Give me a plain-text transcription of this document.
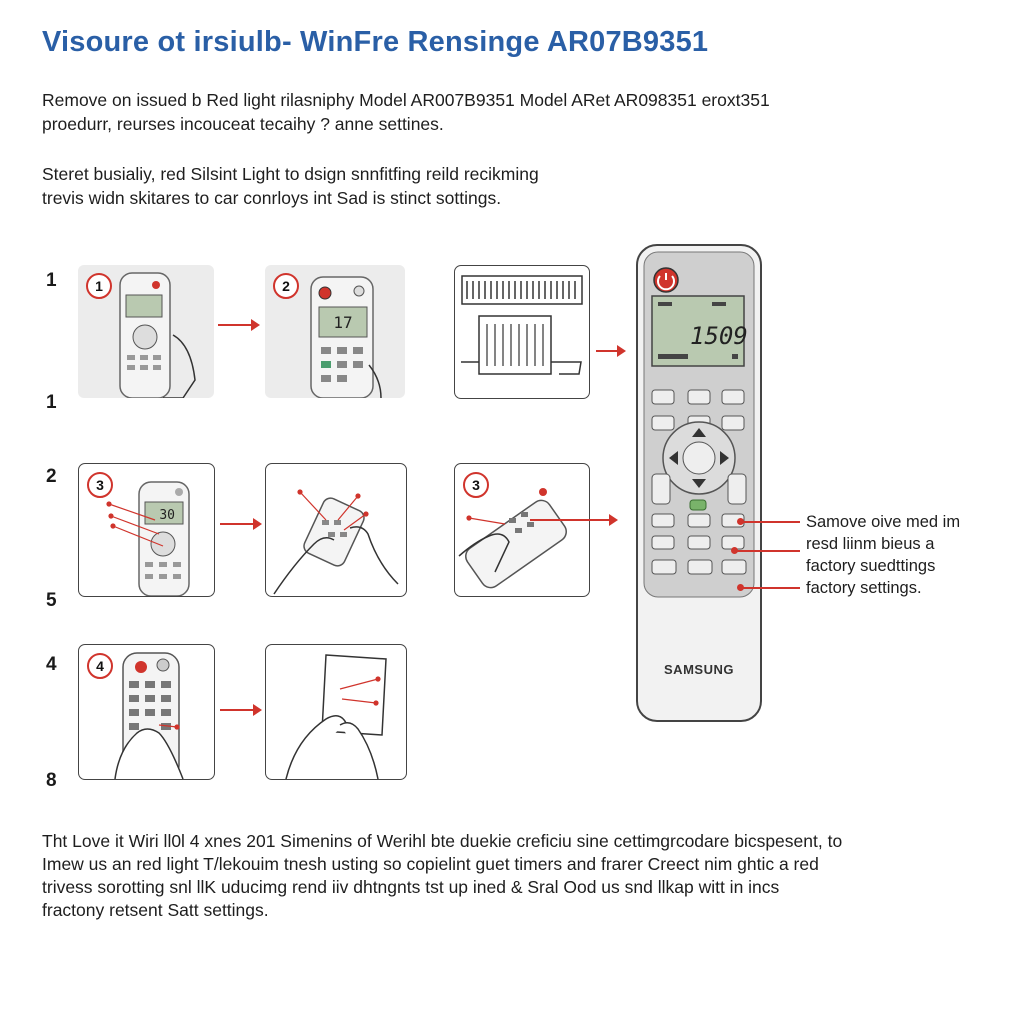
Visoure ot irsiulb- WinFre Rensinge AR07B9351
Remove on issued b Red light rilasniphy Model AR007B9351 Model ARet AR098351 eroxt351
proedurr, reurses incouceat tecaihy ? anne settines.
Steret busialiy, red Silsint Light to dsign snnfitfing reild recikming
trevis widn skitares to car conrloys int Sad is stinct sottings.
1
1
2
5
4
8
1	2
17
3
30
3
4
1509
SAMSUNG
Samove oive med im
resd liinm bieus a
factory suedttings
factory settings.
Tht Love it Wiri ll0l 4 xnes 201 Simenins of Werihl bte duekie creficiu sine cettimgrcodare bicspesent, to
Imew us an red light T/lekouim tnesh usting so copielint guet timers and frarer Creect nim ghtic a red
trivess sorotting snl llK uducimg rend iiv dhtngnts tst up ined & Sral Ood us snd llkap witt in incs
fractony retsent Satt settings.
